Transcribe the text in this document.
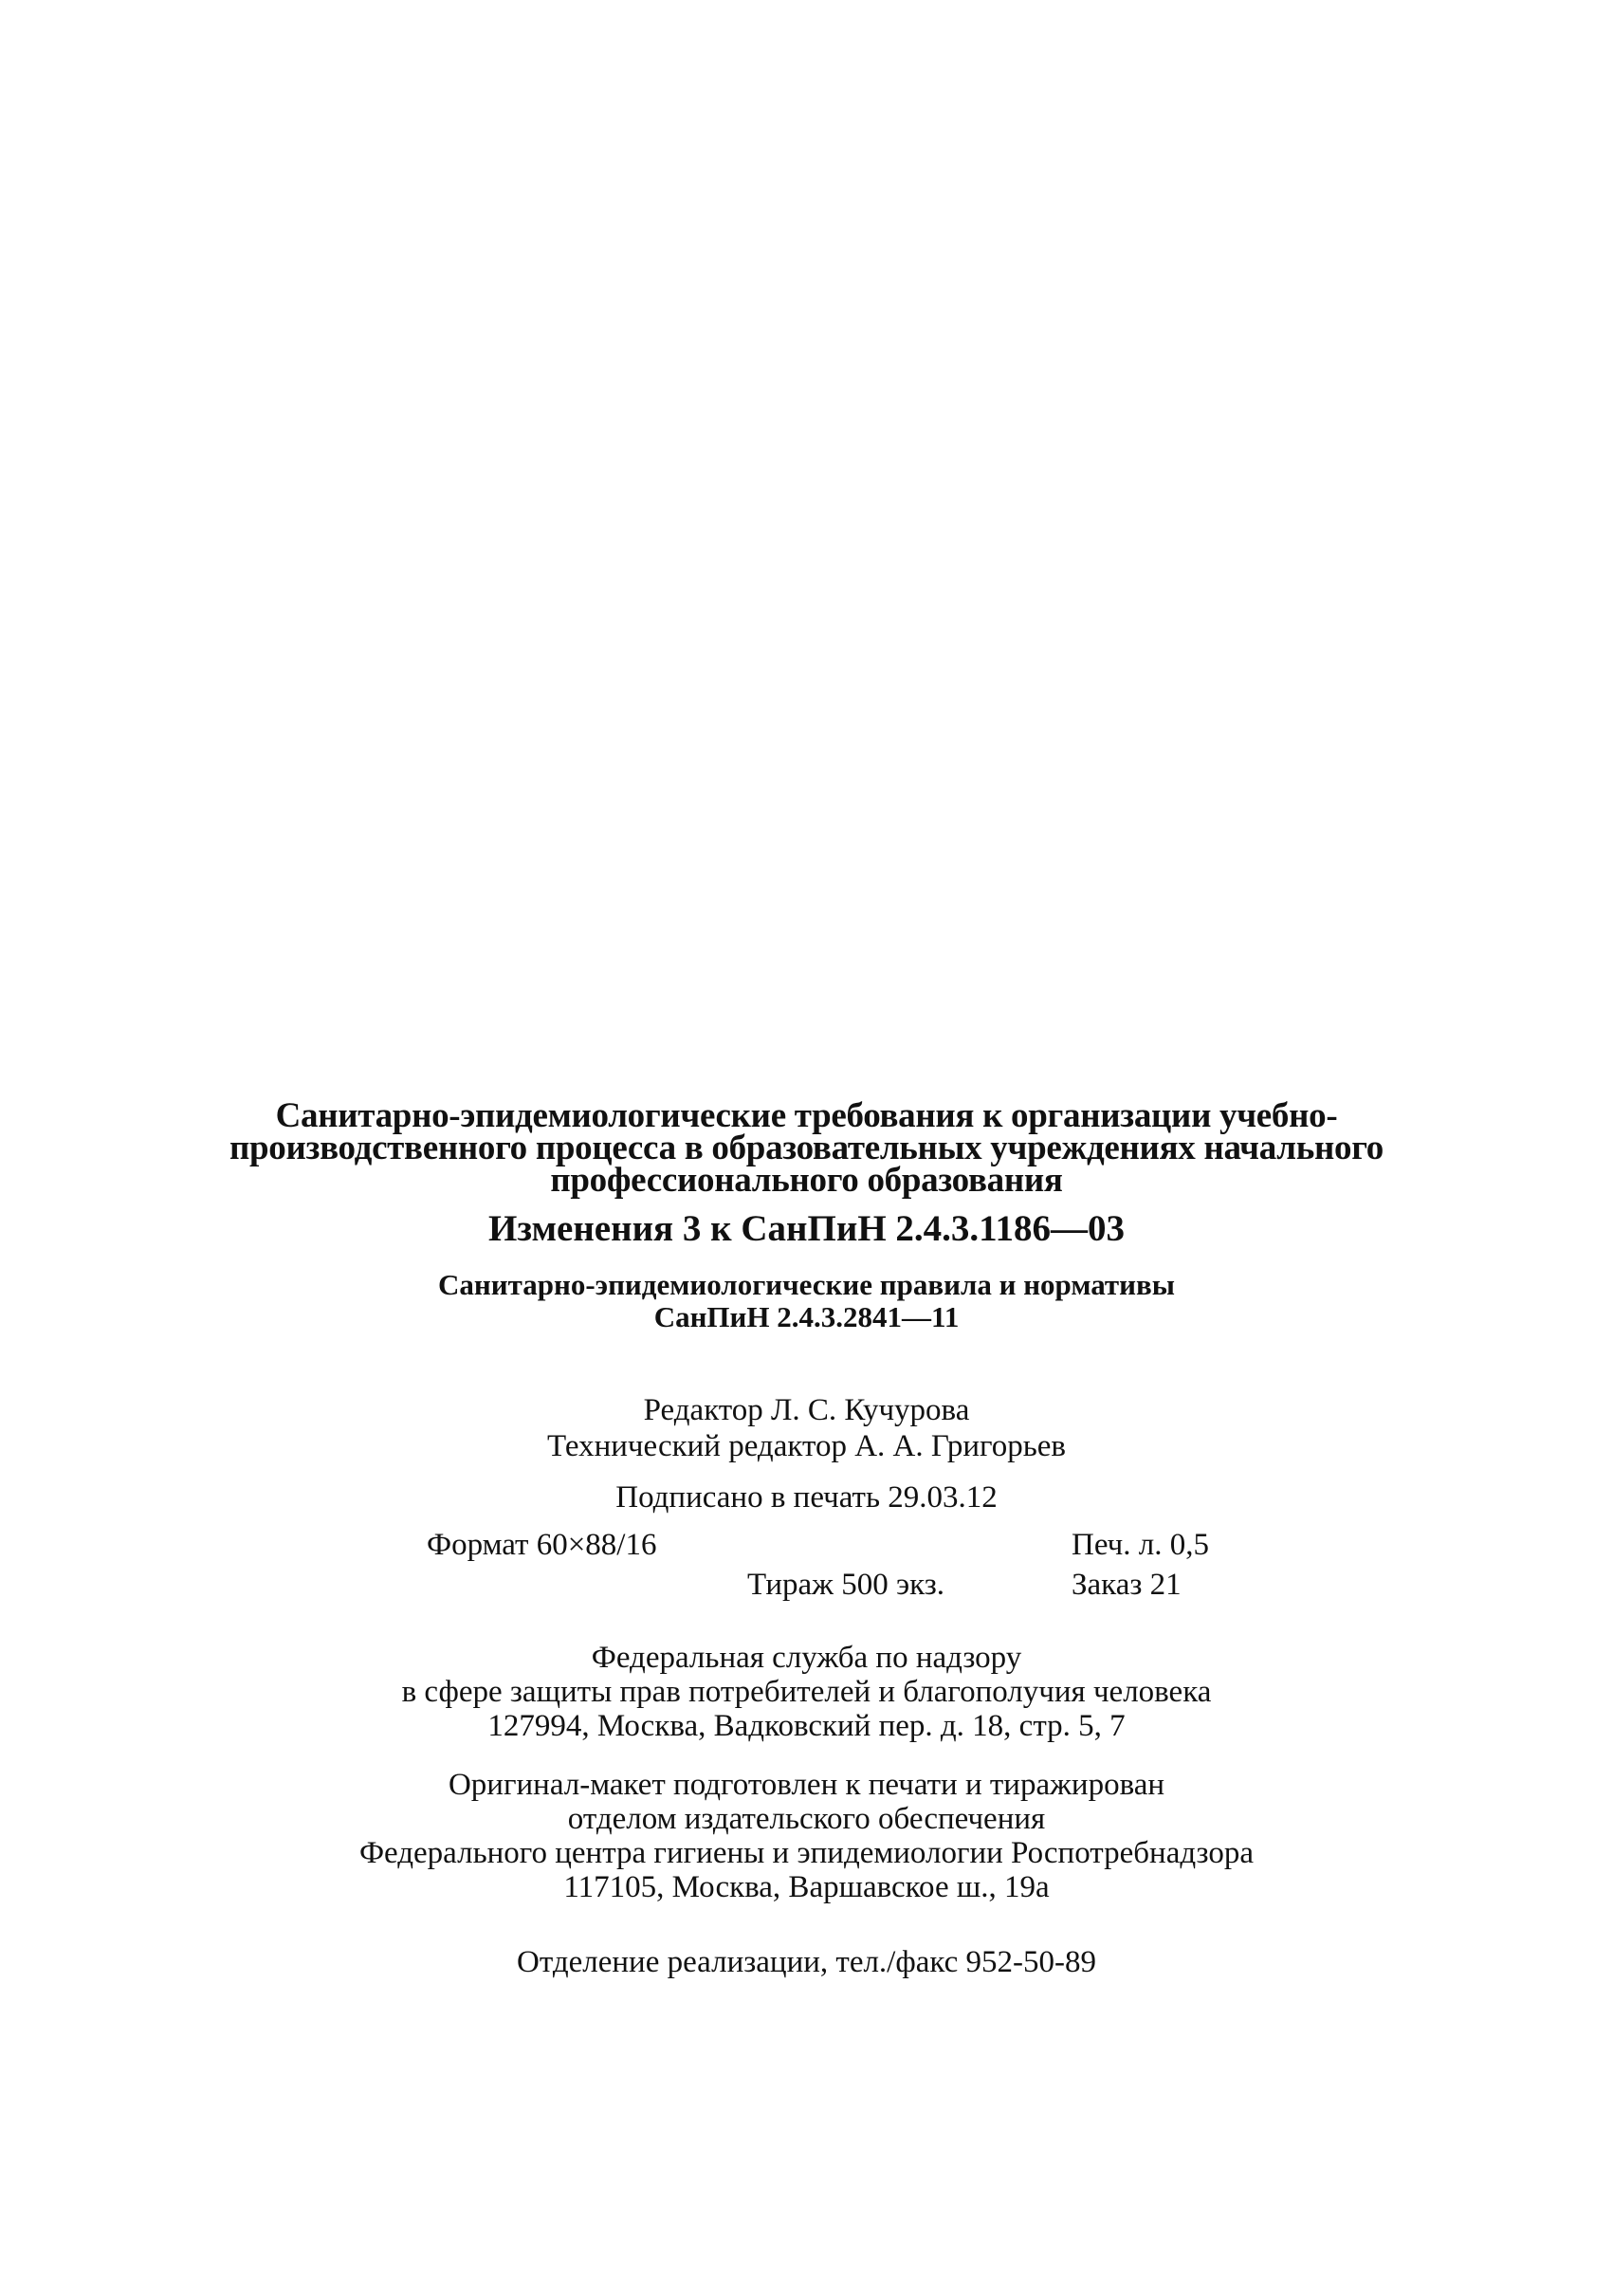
Санитарно-эпидемиологические требования к организации учебно-
производственного процесса в образовательных учреждениях начального
профессионального образования
Изменения 3 к СанПиН 2.4.3.1186—03
Санитарно-эпидемиологические правила и нормативы
СанПиН 2.4.3.2841—11
Редактор Л. С. Кучурова
Технический редактор А. А. Григорьев
Подписано в печать 29.03.12
Формат 60×88/16	Печ. л. 0,5
Тираж 500 экз.	Заказ 21
Федеральная служба по надзору
в сфере защиты прав потребителей и благополучия человека
127994, Москва, Вадковский пер. д. 18, стр. 5, 7
Оригинал-макет подготовлен к печати и тиражирован
отделом издательского обеспечения
Федерального центра гигиены и эпидемиологии Роспотребнадзора
117105, Москва, Варшавское ш., 19а
Отделение реализации, тел./факс 952-50-89
